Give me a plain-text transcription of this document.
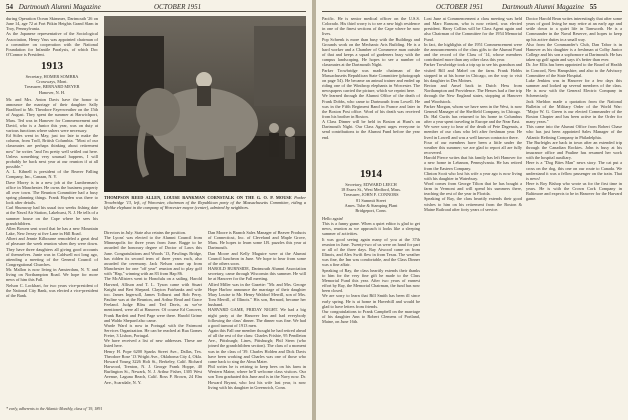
54 Dartmouth Alumni Magazine	OCTOBER 1951
during Operation Ocean Skimmer, Dartmouth '26 on June 14, age 72 at Fort Pitkin Heights Grand Slam in Troy, Pennsylvania.
As the Japanese representative of the Sociological Association, Henry Vass was appointed chairman of a committee on cooperation with the National Foundation for Infantile Paralysis, of which Doc O'Connor is President.
1913
Secretary, HOMER SOMBRA
Crossways, Mont.
Treasurer, BERNARD MEYER
Hanover, N. H.
Mr. and Mrs. Anton Davis have the honor to announce the marriage of their daughter Sally Bradford to Mr. Theodore Fayerweather on the 15th of August. They spent the summer at Harwichport, Mass. Ted was in Hanover for Commencement and David, who is a Junior this year, was on duty at various functions where ushers were necessary.
Ed Stiles went in May, just too late to make the column, from Troll, British Columbia. "Most of our classmates are perhaps thinking about retirement now" he writes "and I'm pretty well settled out here. Unless something very unusual happens, I will probably be back next year at our reunion if at all possible."
A. L. Kibnell is president of the Beaver Falling Company, Inc., Canaan, N. Y.
Dave Morey is in a new job at the Lumberman's office in Manchester. He owns the business property all over town. The Reunion Committee had a busy spring planning things. Frank Hayden was there to look after details.
Carl Shumway had his usual two weeks fishing date at the Naval Air Station, Lakehurst, N. J. He tells of a summer house on the Cape where he sees his grandchildren.
Allen Bowen sent word that he has a new Mountain Lake, New Jersey at five Lane in Hill Road.
Albert and Jennie Kilbourne remodeled a great deal of pleasure the week reunion when they were down. They have three daughters all giving good accounts of themselves. Junie was in Caldwell not long ago, attending a meeting of the General Council of Congregational Churches.
Mr. Mallon is now living in Amsterdam, N. Y. and living on Northampton Road. We hope for more news of him this Fall.
Nelson C. Lockhart, for two years vice-president of the National City Bank, was elected a vice-president of the Bank.
* early, adherents to the Atlantic Monthly, class of '19, 1891
THOMPSON REED ALLEN, LOUISE BANKMAN CORNSTALK ON THE G. O. P. MOUSE Parker Trowbridge '13, left, of Worcester, chairman of the Republican party of the Massachusetts Committee, riding a lifelike elephant in the company of Worcester mayor (center), admired by neighbors.
Directors in July. State also retains the position.
The Lyons' was elected to the Alumni Council from Minneapolis for three years from June. Ragge to be awarded the honorary degree of Doctor of Laws this June. Congratulations and Woods '13, Pawlings Bridge, has ridden its second term of three years each, also awarded the ceremony. Jack Nelson came up from Manchester for one "off year" reunion and to play golf with "Hap," winning with an 83 from Hap 86.
The McAllisters went to Honolulu on a sailing. Harold Harvard, Allison and T. L. Tyson came with Stuart Knight and Bert Shepard. Clayton Fairbanks and wife too. James Ingersoll, James Tolhurst and Bob Perry. Pauline was at the Reunion, and Arthur Read and Grace Feeland. Judge Bliss and Ted Davis, as we've mentioned, were all at Hanover. Of course Ed Conover, Frank Bartlett and Fred Page were there. Harold Grime and Waldo Shepard also came.
Warde Ward is now in Portugal with the Fairmont Services Organization. He can be reached at Rua Gomes Freire, 3 Lisbon, Portugal.
We have received a list of new addresses. These are listed here.
Henry H. Pope 6200 Sparks Street Ave., Dallas, Tex. Theodore Rose '13 Wright Ave., Oklahoma City 4, Okla. Howard Young 3226 Holt St., Berkeley, Calif. Richard Harwood, Trenton, N. J. George Frank Hoppe, 40 Burlington St., Newark, N. J. Arthur Fisher, 1305 West Avenue, Laguna Beach, Calif. Ross P. Brown, 24 Elm Ave., Scarsdale, N. Y.
Dan Moore is Branch Sales Manager of Beaver Products of Connecticut, Inc. of Cleveland and Maple Grove, Mass. He hopes to learn some I.B. puzzles this year at Dartmouth.
Dan Moore and Kelly Maguire were at the Alumni Council luncheon in June. We hope to hear from some of the others soon.
HAROLD BURNSIDE, Dartmouth Alumni Association secretary, came through Wisconsin this summer. He will be at Hanover for the Fall meeting.
Allied Miller was in the Gazette: "Mr. and Mrs. George Hope Harlow announce the marriage of their daughter Mary Louise to Mr. Henry Waldorf Merrill, son of Mrs. Tom Merrill, of Illinois." His son, Bernard, became her husband.
HARVARD GAME, FRIDAY NIGHT. We had a big night party at the Hanover Inn and had everybody following the class' dinner. The dinner was fine. We had a good turnout of 1913 men.
Again this Fall one member thought he had retired ahead of all the rest of the class: Charles Frisbie, 95 Pendleton Ave., Pittsburgh; Lines, Pittsburgh; Phil Stern (who joined the grandchildren section). The class of a moment was in the class of '39. Charles Holden and Dick Davis have been working and Charles was one of those who came back to sing the Alma Mater.
Phil writes he is retiring to keep bees on his farm in Western Maine, where he'll welcome class visitors. Our son Tom graduated this June and is in the Navy now. Dr. Howard Bryant, who lost his wife last year, is now living with his daughter in Greenwich, Conn.
OCTOBER 1951	Dartmouth Alumni Magazine 55
Pacific. He is senior medical officer on the U.S.S. Colorado. His third worry is to see a new high residence in one of the finest sections of the Cape where he now lives.
Pop Schrenk is more than busy with the Buildings and Grounds work on the Mechanic Arts Building. He is a hard worker and a Chamber of Commerce man outside of that and keeps a squad of gardeners busy with the campus landscaping. He hopes to see a number of classmates at the Dartmouth Night.
Parker Trowbridge was made chairman of the Massachusetts Republican State Committee (photograph on page 54). He became an animal trainer and ended up riding one of the Winthrop elephants in Worcester. The newspapers carried the picture, which we reprint here.
We learned through the Alumni Office of the death of Frank Dobbs, who came to Dartmouth from Lowell. He was in the Fifth Regiment Band in France and later in the Boston Post office. Word of his death was received from his brother in Boston.
A Class Dinner will be held in Boston at Hunt's on Dartmouth Night. Our Class Agent urges everyone to send contributions to the Alumni Fund before the year end.
1914
Secretary, EDWARD LEECH
18 Essex St., West Medford, Mass.
Treasurer, JOHN F. CONNORS
81 Summit Street
Ames. Tube & Stamping Plant
Bridgeport, Conn.
Hello again!
This is a funny game. When a quiet editor is glad to get news, reunion as we approach it looks like a sleeping summer of activities.
It was good seeing again many of you at the 37th reunion in June. Twenty-two of us were on hand for part or all of the three days. Ray Atwood came on from Illinois, and Alex Swift flew in from Texas. The weather was fine, the Inn was comfortable, and the Class Dinner was a fine affair.
Speaking of Ray, the class heartily extends their thanks to him for the very fine gift he made to the Class Memorial Fund this year. After two years of earnest effort by Ray, the Memorial Chairman, the fund has now been closed.
We are sorry to learn that Bill Smith has been ill since early spring. He is at home in Haverhill and would be glad to have letters from friends.
Our congratulations to Frank Campbell on the marriage of his daughter Ann to Robert Clemens of Portland, Maine, on June 16th.
Lost June at Commencement a class meeting was held and Marc Ransom, who is now retired, was elected president. Harry Collins will be Class Agent again and also Chairman of the Committee for the 1954 Memorial Fund.
In fact, the highlights of the 1951 Commencement were the announcements of the class gifts to the Alumni Fund and the record of the Class of '14, whose members contributed more than any other class this year.
Parker Trowbridge took a trip up to see his grandson and visited Bill and Mabel on the farm. Frank Hobbs stopped in at his home in Chicago, on the way to visit his daughter in Des Moines.
Becton and Ansel back in Dutch Hess from Northampton and Providence. The Hesses had a fine trip through the New England states, stopping at Hanover and Woodstock.
Parker Morgan, whom we have seen in the West, is now General Manager of the Sheffield Company, in Chicago.
Dr. Hal Curtis has returned to his home in Columbus after a year spent traveling in Europe and the Near East.
We were sorry to hear of the death of Pete Dagenais, a member of our class who left after freshman year. He lived in Lowell and was a well known contractor there.
Four of our members have been a little under the weather this summer; we are glad to report all are fully recovered.
Harold Pierce writes that his family has left Hanover for a new home in Lebanon, Pennsylvania. He has retired from the Eastern Company.
Clinton Scott who lost his wife a year ago is now living with his daughter in Waterbury.
Word comes from George Tilton that he has bought a farm in Vermont and will spend his summers there, teaching the rest of the year in Florida.
Speaking of Ray, the class heartily extends their good wishes to him on his retirement from the Boston & Maine Railroad after forty years of service.
Doctor Harold Bean writes interestingly that after some years of good living he may retire at an early age and settle down to a quiet life in Tamworth. He is a Commander in the Naval Reserve, and hopes to keep up his active duties in a small way.
Also from the Commander's Club, Dan Tabor is in Hanover as his daughter is a freshman at Colby Junior College and his son a sophomore at Dartmouth. He has taken up golf again and says it's better than ever.
Dr. Joe Ellis has been appointed to the Board of Health in Concord, New Hampshire, and also to the Advisory Committee of the State Hospital.
Luke Jenkins was in Hanover for a few days this summer and looked up several members of the class. He is now with the General Electric Company in Schenectady.
Jack Sheldon made a quotation from the National Bulletin of the Military Order of the World War: "Major W. G. Green is our elected Commander of the Boston Chapter and has been active in the Order for many years."
This came into the Alumni Office from Robert Chase who has just been appointed Sales Manager of the Atlantic Refining Company in Philadelphia.
The Burleighs are back in town after an extended trip through the Canadian Rockies. John is busy at his insurance office and Pauline has resumed her work with the hospital auxiliary.
Here is a "Dog Bites Man" news story. The cat put a cross on the dog, this one on our route to Canada. We understand it was a fellow passenger on the train. That is news!
Here is Roy Bishop who wrote us for the first time in years. He is with the Crown Cork Company in Baltimore and expects to be in Hanover for the Harvard game.
